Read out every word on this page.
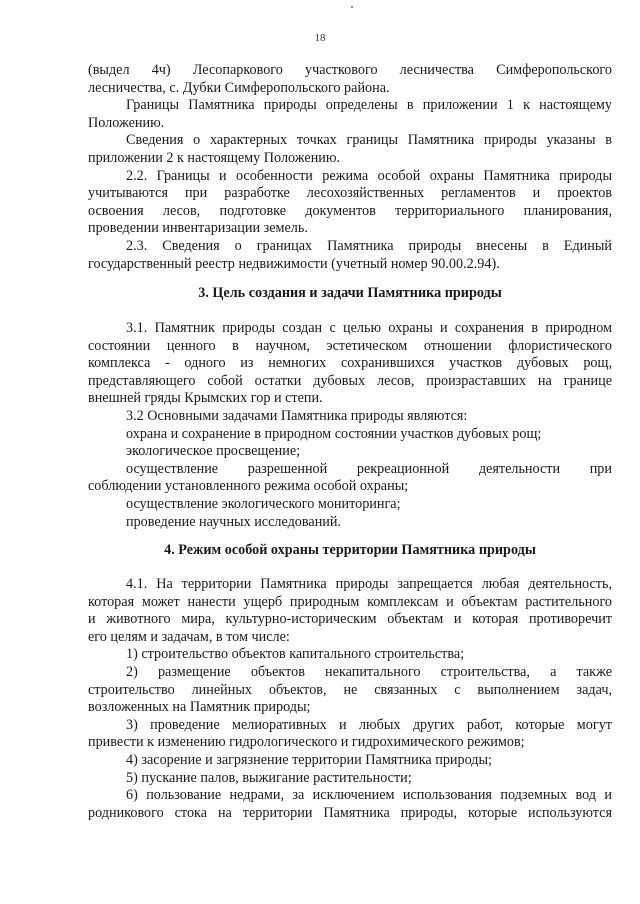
18

(выдел 4ч) Лесопаркового участкового лесничества Симферопольского

лесничества, с. Дубки Симферопольского района.

Границы Памятника природы определены в приложении 1 к настоящему

Положению.

Сведения о характерных точках границы Памятника природы указаны в

приложении 2 к настоящему Положению.

2.2. Границы и особенности режима особой охраны Памятника природы

учитываются при разработке лесохозяйственных регламентов и проектов

освоения лесов, подготовке документов территориального планирования,

проведении инвентаризации земель.

2.3. Сведения о границах Памятника природы внесены в Единый

государственный реестр недвижимости (учетный номер 90.00.2.94).

3. Цель создания и задачи Памятника природы

3.1. Памятник природы создан с целью охраны и сохранения в природном

состоянии ценного в научном, эстетическом отношении флористического

комплекса - одного из немногих сохранившихся участков дубовых рощ,

представляющего собой остатки дубовых лесов, произраставших на границе

внешней гряды Крымских гор и степи.

3.2 Основными задачами Памятника природы являются:

охрана и сохранение в природном состоянии участков дубовых рощ;

экологическое просвещение;

осуществление разрешенной рекреационной деятельности при

соблюдении установленного режима особой охраны;

осуществление экологического мониторинга;

проведение научных исследований.

4. Режим особой охраны территории Памятника природы

4.1. На территории Памятника природы запрещается любая деятельность,

которая может нанести ущерб природным комплексам и объектам растительного

и животного мира, культурно-историческим объектам и которая противоречит

его целям и задачам, в том числе:

1) строительство объектов капитального строительства;

2) размещение объектов некапитального строительства, а также

строительство линейных объектов, не связанных с выполнением задач,

возложенных на Памятник природы;

3) проведение мелиоративных и любых других работ, которые могут

привести к изменению гидрологического и гидрохимического режимов;

4) засорение и загрязнение территории Памятника природы;

5) пускание палов, выжигание растительности;

6) пользование недрами, за исключением использования подземных вод и

родникового стока на территории Памятника природы, которые используются
